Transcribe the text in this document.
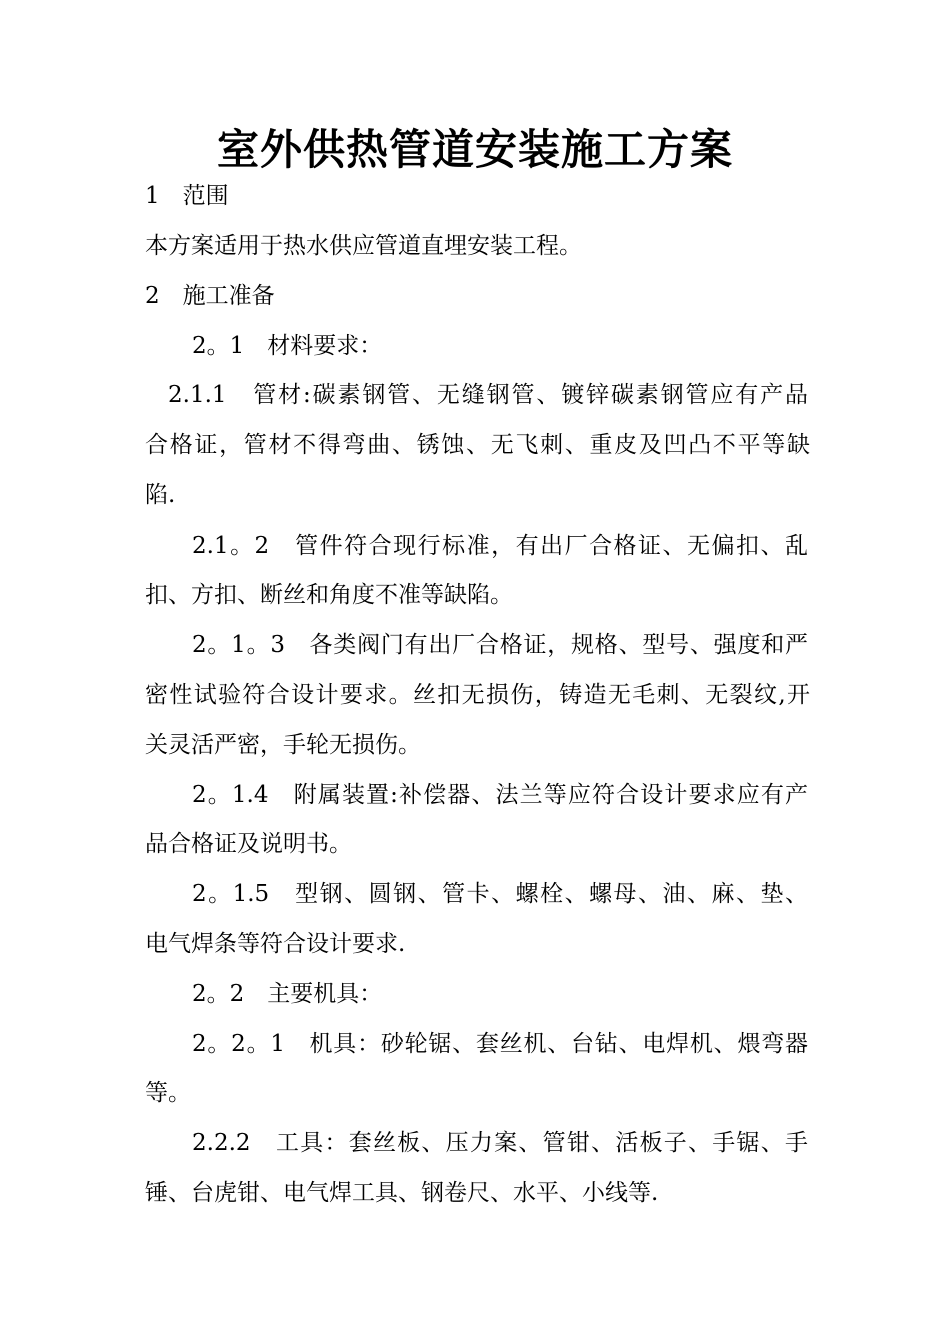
室外供热管道安装施工方案
1　范围
本方案适用于热水供应管道直埋安装工程。
2　施工准备
2。1　材料要求：
2.1.1　管材:碳素钢管、无缝钢管、镀锌碳素钢管应有产品
合格证，管材不得弯曲、锈蚀、无飞刺、重皮及凹凸不平等缺
陷.
2.1。2　管件符合现行标准，有出厂合格证、无偏扣、乱
扣、方扣、断丝和角度不准等缺陷。
2。1。3　各类阀门有出厂合格证，规格、型号、强度和严
密性试验符合设计要求。丝扣无损伤，铸造无毛刺、无裂纹,开
关灵活严密，手轮无损伤。
2。1.4　附属装置:补偿器、法兰等应符合设计要求应有产
品合格证及说明书。
2。1.5　型钢、圆钢、管卡、螺栓、螺母、油、麻、垫、
电气焊条等符合设计要求.
2。2　主要机具：
2。2。1　机具：砂轮锯、套丝机、台钻、电焊机、煨弯器
等。
2.2.2　工具：套丝板、压力案、管钳、活板子、手锯、手
锤、台虎钳、电气焊工具、钢卷尺、水平、小线等.
